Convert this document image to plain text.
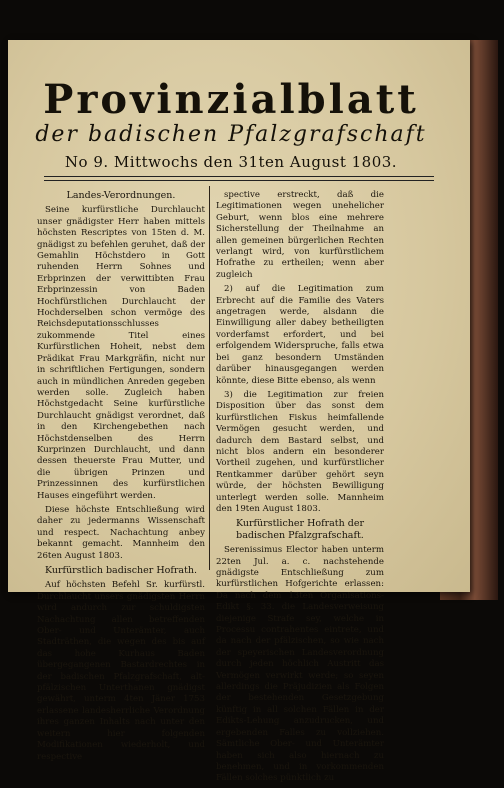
Provinzialblatt
der badischen Pfalzgrafschaft
No 9. Mittwochs den 31ten August 1803.

Landes-Verordnungen.

Seine kurfürstliche Durchlaucht unser gnädigster Herr haben mittels höchsten Rescriptes von 15ten d. M. gnädigst zu befehlen geruhet, daß der Gemahlin Höchstdero in Gott ruhenden Herrn Sohnes und Erbprinzen der verwittibten Frau Erbprinzessin von Baden Hochfürstlichen Durchlaucht der Hochderselben schon vermöge des Reichsdeputationsschlusses zukommende Titel eines Kurfürstlichen Hoheit, nebst dem Prädikat Frau Markgräfin, nicht nur in schriftlichen Fertigungen, sondern auch in mündlichen Anreden gegeben werden solle. Zugleich haben Höchstgedacht Seine kurfürstliche Durchlaucht gnädigst verordnet, daß in den Kirchengebethen nach Höchstdenselben des Herrn Kurprinzen Durchlaucht, und dann dessen theuerste Frau Mutter, und die übrigen Prinzen und Prinzessinnen des kurfürstlichen Hauses eingeführt werden.

Diese höchste Entschließung wird daher zu jedermanns Wissenschaft und respect. Nachachtung anbey bekannt gemacht. Mannheim den 26ten August 1803.

Kurfürstlich badischer Hofrath.

Auf höchsten Befehl Sr. kurfürstl. Durchlaucht unsers gnädigsten Herrn wird andurch zur schuldigsten Nachachtung allen betreffenden Ober- und Unterämter, auch Stadträthen, die wegen des bis auf das hohe Kurhaus Baden übergegangenen Bastardrechtes in der badischen Pfalzgrafschaft, alt-pfälzischen Unterthanen gnädigst gewährt, unterm 4ten Jäner 1753 erlassene landesherrliche Verordnung ihres ganzen Inhalts nach unter den weitern hier folgenden Modifikationen wiederholt, und respective

spective erstreckt, daß die Legitimationen wegen unehelicher Geburt, wenn blos eine mehrere Sicherstellung der Theilnahme an allen gemeinen bürgerlichen Rechten verlangt wird, von kurfürstlichem Hofrathe zu ertheilen; wenn aber zugleich

2) auf die Legitimation zum Erbrecht auf die Familie des Vaters angetragen werde, alsdann die Einwilligung aller dabey betheiligten vorderfamst erfordert, und bei erfolgendem Widerspruche, falls etwa bei ganz besondern Umständen darüber hinausgegangen werden könnte, diese Bitte ebenso, als wenn

3) die Legitimation zur freien Disposition über das sonst dem kurfürstlichen Fiskus heimfallende Vermögen gesucht werden, und dadurch dem Bastard selbst, und nicht blos andern ein besonderer Vortheil zugehen, und kurfürstlicher Rentkammer darüber gehört seyn würde, der höchsten Bewilligung unterlegt werden solle. Mannheim den 19ten August 1803.

Kurfürstlicher Hofrath der badischen Pfalzgrafschaft.

Serenissimus Elector haben unterm 22ten Jul. a. c. nachstehende gnädigste Entschließung zum kurfürstlichen Hofgerichte erlassen: Da nach dem 13ten Organisations-Edikt §. 33. die Landesverweisung diejenige Strafe sey, welche in Processu contrahentes eintrete, und da nach der pfälzischen, so wie nach der speyerischen Landesverordnung durch jeden höchlich Austritt das Vermögen verwirkt werde; so seyen allerdings die Präjudizien als Folgen der bestehenden Gesetzgebung künftig in all solchen Fällen in der Edikts-Lehung anzudrucken, und ergebenden Falles zu vollziehen. Sämtliche Ober- und Unterämter haben sich also hiernach zu benehmen, und in vorkommenden Fällen solches pünktlich zu
